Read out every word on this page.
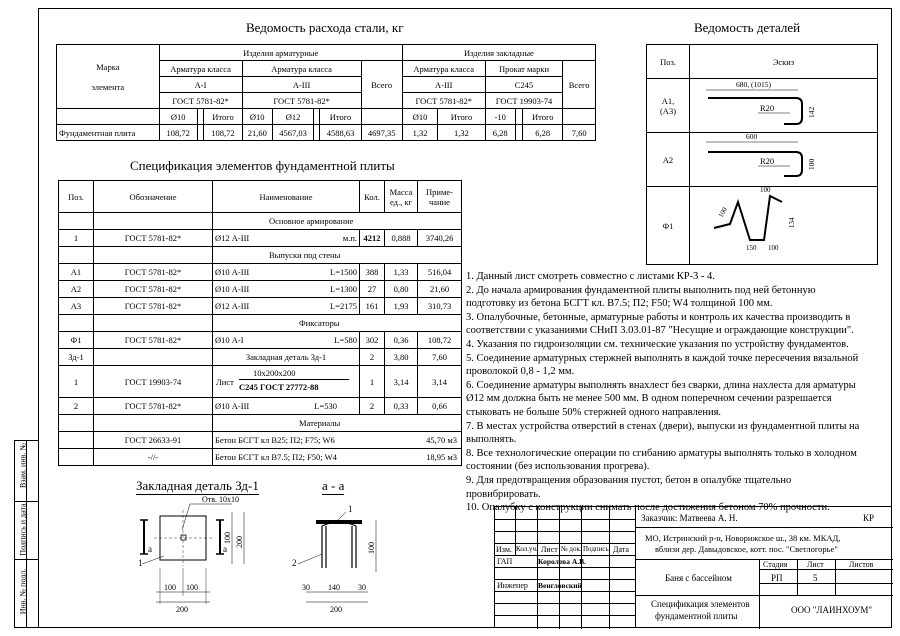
Взам. инв. №
Подпись и дата
Инв. № подл.
Ведомость расхода стали, кг
Марка

элемента	Изделия арматурные								Изделия закладные					
	Арматура класса			Арматура класса				Всего	Арматура класса		Прокат марки			Всего
	А-I			А-III					А-III		С245			
	ГОСТ 5781-82*			ГОСТ 5781-82*					ГОСТ 5781-82*		ГОСТ 19903-74			
	Ø10		Итого	Ø10	Ø12		Итого		Ø10	Итого	-10		Итого	
Фундаментная плита	108,72		108,72	21,60	4567,03		4588,63	4697,35	1,32	1,32	6,28		6,28	7,60
Ведомость деталей
Поз.	Эскиз
А1,
(А3)	
А2	
Ф1	
680, (1015)
R20	142
600
R20	100
100
134
100
150 100
Спецификация элементов фундаментной плиты
Поз.	Обозначение	Наименование	Кол.	Масса ед., кг	Приме-чание
		Основное армирование			
1	ГОСТ 5781-82*	Ø12 А-III м.п.	4212	0,888	3740,26
		Выпуски под стены			
А1	ГОСТ 5781-82*	Ø10 А-III L=1500	388	1,33	516,04
А2	ГОСТ 5781-82*	Ø10 А-III L=1300	27	0,80	21,60
А3	ГОСТ 5781-82*	Ø12 А-III L=2175	161	1,93	310,73
		Фиксаторы			
Ф1	ГОСТ 5781-82*	Ø10 А-I L=580	302	0,36	108,72
Зд-1		Закладная деталь Зд-1	2	3,80	7,60
1	ГОСТ 19903-74	Лист
10x200x200
С245 ГОСТ 27772-88	1	3,14	3,14
2	ГОСТ 5781-82*	Ø10 А-III L=530	2	0,33	0,66
		Материалы			
	ГОСТ 26633-91	Бетон БСГТ кл В25; П2; F75; W6 45,70 м3			

	-//-	Бетон БСГТ кл В7.5; П2; F50; W4 18,95 м3			
1. Данный лист смотреть совместно с листами КР-3 - 4.
2. До начала армирования фундаментной плиты выполнить под ней бетонную
подготовку из бетона БСГТ кл. В7.5; П2; F50; W4 толщиной 100 мм.
3. Опалубочные, бетонные, арматурные работы и контроль их качества производить в
соответствии с указаниями СНиП 3.03.01-87 "Несущие и ограждающие конструкции".
4. Указания по гидроизоляции см. технические указания по устройству фундаментов.
5. Соединение арматурных стержней выполнять в каждой точке пересечения вязальной
проволокой 0,8 - 1,2 мм.
6. Соединение арматуры выполнять внахлест без сварки, длина нахлеста для арматуры
Ø12 мм должна быть не менее 500 мм. В одном поперечном сечении разрешается
стыковать не больше 50% стержней одного направления.
7. В местах устройства отверстий в стенах (двери), выпуски из фундаментной плиты на
выполнять.
8. Все технологические операции по сгибанию арматуры выполнять только в холодном
состоянии (без использования прогрева).
9. Для предотвращения образования пустот, бетон в опалубке тщательно
провибрировать.
10. Опалубку с конструкции снимать после достижения бетоном 70% прочности.
Закладная деталь Зд-1	а - а
Отв. 10x10
а	а
1
100 100
200
100 200
1
2
30 140 30
200
100	Изм. Кол.уч. Лист № док. Подпись Дата
ГАП	Королева А.В.
Инженер Венгловский
Заказчик: Матвеева А. Н.	КР
МО, Истринский р-н, Новорижское ш., 38 км. МКАД,
вблизи дер. Давыдовское, котт. пос. "Светлогорье"
Баня с бассейном
Стадия Лист	Листов
РП	5
Спецификация элементов
фундаментной плиты
ООО "ЛАИНХОУМ"
